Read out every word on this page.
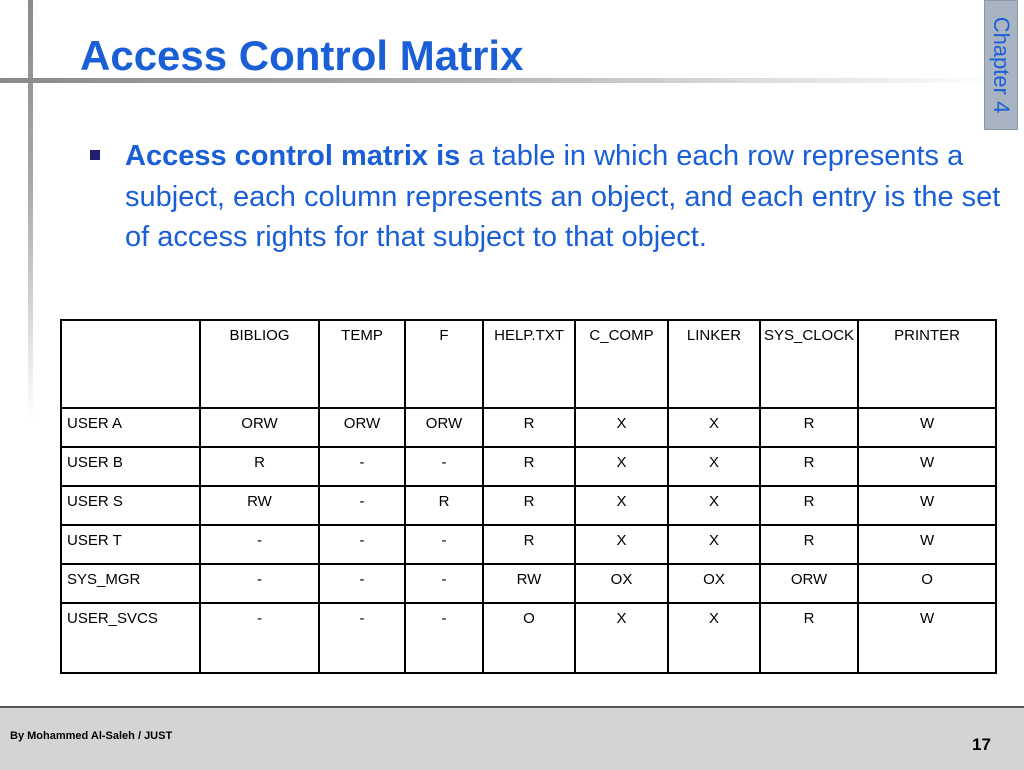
Access Control Matrix	Chapter 4
Access control matrix is a table in which each row represents a subject, each column represents an object, and each entry is the set of access rights for that subject to that object.
	BIBLIOG	TEMP	F	HELP.TXT	C_COMP	LINKER	SYS_CLOCK	PRINTER
USER A	ORW	ORW	ORW	R	X	X	R	W
USER B	R	-	-	R	X	X	R	W
USER S	RW	-	R	R	X	X	R	W
USER T	-	-	-	R	X	X	R	W
SYS_MGR	-	-	-	RW	OX	OX	ORW	O
USER_SVCS	-	-	-	O	X	X	R	W
By Mohammed Al-Saleh / JUST	17
